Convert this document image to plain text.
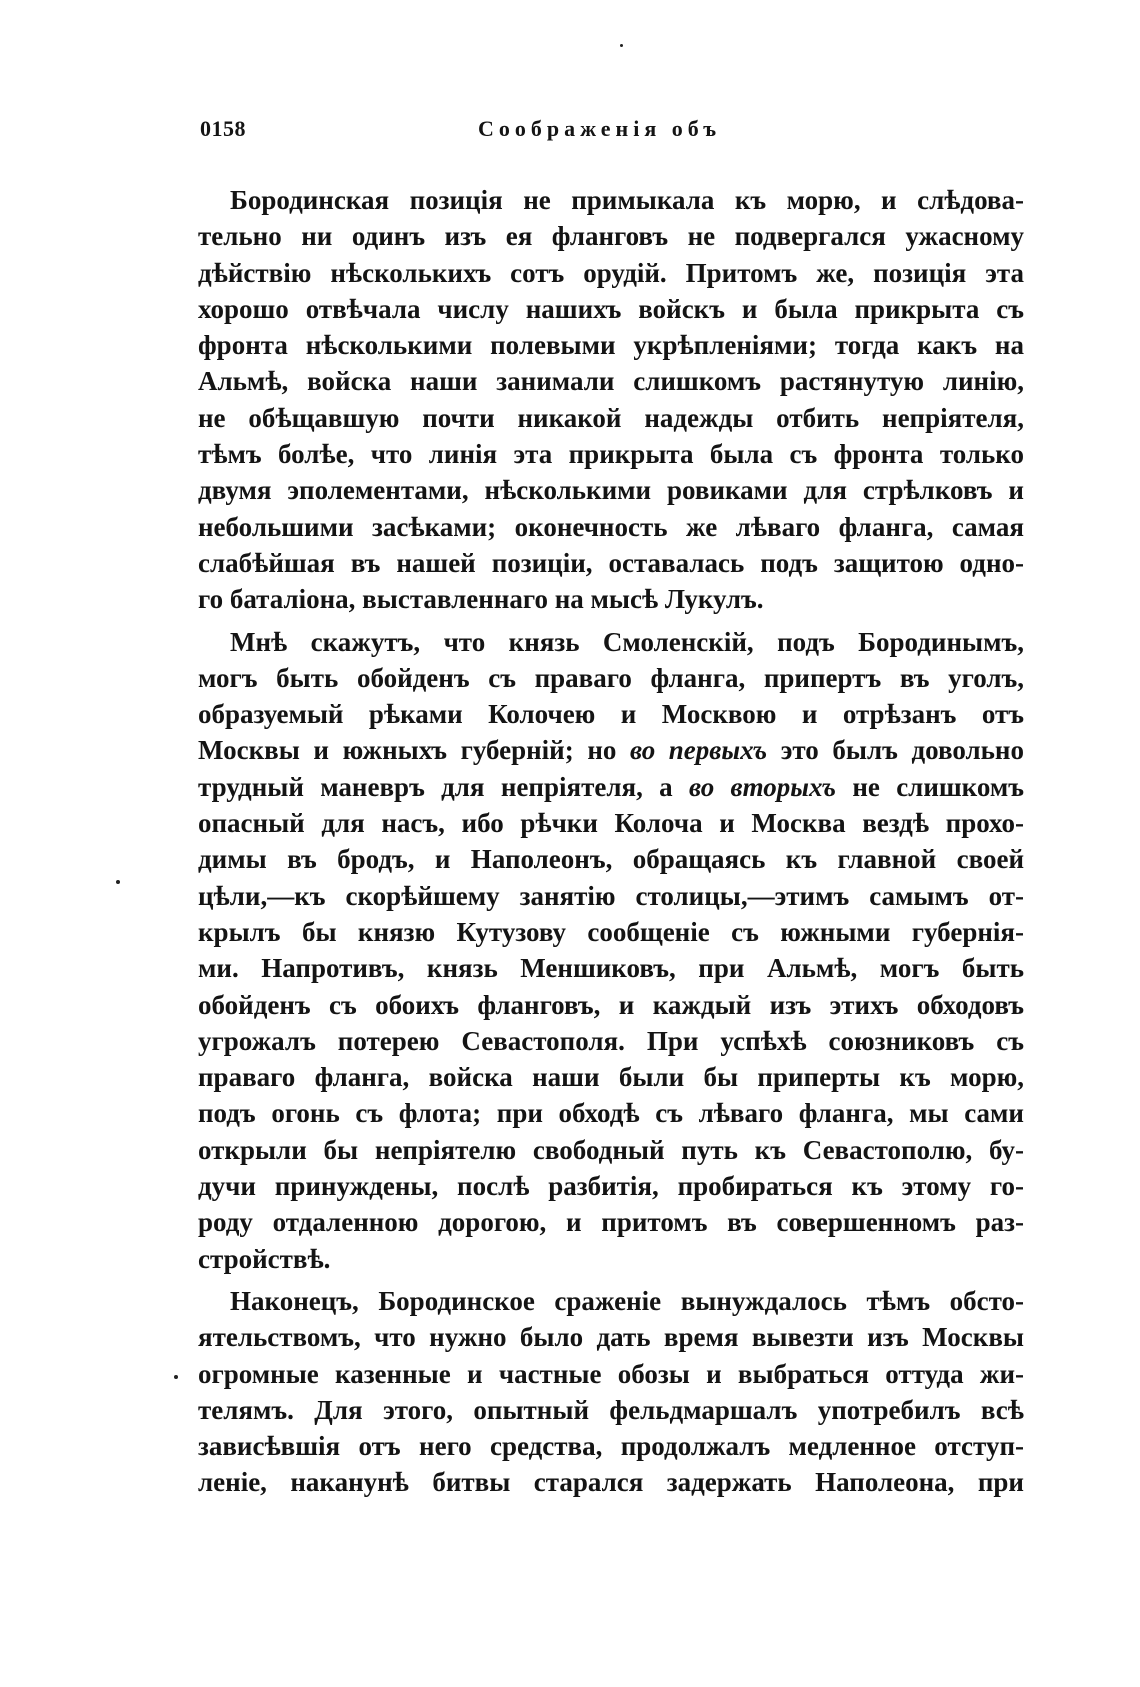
0158	Соображенія объ
Бородинская позиція не примыкала къ морю, и слѣдова-
тельно ни одинъ изъ ея фланговъ не подвергался ужасному
дѣйствію нѣсколькихъ сотъ орудій. Притомъ же, позиція эта
хорошо отвѣчала числу нашихъ войскъ и была прикрыта съ
фронта нѣсколькими полевыми укрѣпленіями; тогда какъ на
Альмѣ, войска наши занимали слишкомъ растянутую линію,
не обѣщавшую почти никакой надежды отбить непріятеля,
тѣмъ болѣе, что линія эта прикрыта была съ фронта только
двумя эполементами, нѣсколькими ровиками для стрѣлковъ и
небольшими засѣками; оконечность же лѣваго фланга, самая
слабѣйшая въ нашей позиціи, оставалась подъ защитою одно-
го баталіона, выставленнаго на мысѣ Лукулъ.
Мнѣ скажутъ, что князь Смоленскій, подъ Бородинымъ,
могъ быть обойденъ съ праваго фланга, припертъ въ уголъ,
образуемый рѣками Колочею и Москвою и отрѣзанъ отъ
Москвы и южныхъ губерній; но во первыхъ это былъ довольно
трудный маневръ для непріятеля, а во вторыхъ не слишкомъ
опасный для насъ, ибо рѣчки Колоча и Москва вездѣ прохо-
димы въ бродъ, и Наполеонъ, обращаясь къ главной своей
цѣли,—къ скорѣйшему занятію столицы,—этимъ самымъ от-
крылъ бы князю Кутузову сообщеніе съ южными губернія-
ми. Напротивъ, князь Меншиковъ, при Альмѣ, могъ быть
обойденъ съ обоихъ фланговъ, и каждый изъ этихъ обходовъ
угрожалъ потерею Севастополя. При успѣхѣ союзниковъ съ
праваго фланга, войска наши были бы приперты къ морю,
подъ огонь съ флота; при обходѣ съ лѣваго фланга, мы сами
открыли бы непріятелю свободный путь къ Севастополю, бу-
дучи принуждены, послѣ разбитія, пробираться къ этому го-
роду отдаленною дорогою, и притомъ въ совершенномъ раз-
стройствѣ.
Наконецъ, Бородинское сраженіе вынуждалось тѣмъ обсто-
ятельствомъ, что нужно было дать время вывезти изъ Москвы
огромные казенные и частные обозы и выбраться оттуда жи-
телямъ. Для этого, опытный фельдмаршалъ употребилъ всѣ
зависѣвшія отъ него средства, продолжалъ медленное отступ-
леніе, наканунѣ битвы старался задержать Наполеона, при
